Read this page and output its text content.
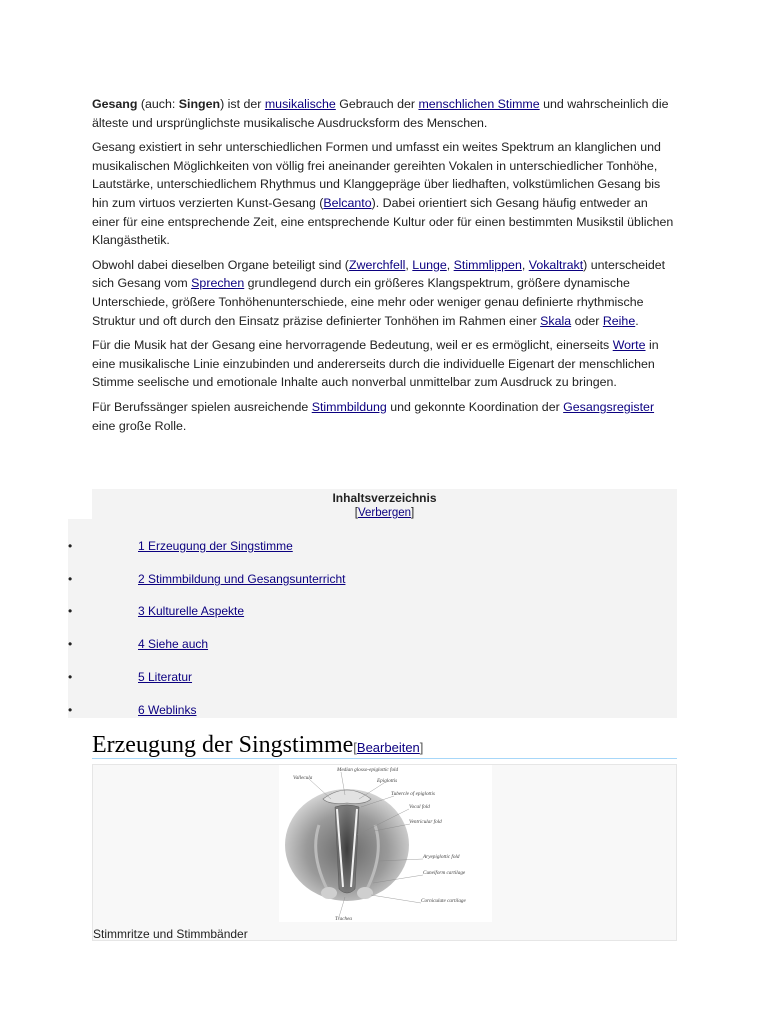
Gesang (auch: Singen) ist der musikalische Gebrauch der menschlichen Stimme und wahrscheinlich die älteste und ursprünglichste musikalische Ausdrucksform des Menschen.

Gesang existiert in sehr unterschiedlichen Formen und umfasst ein weites Spektrum an klanglichen und musikalischen Möglichkeiten von völlig frei aneinander gereihten Vokalen in unterschiedlicher Tonhöhe, Lautstärke, unterschiedlichem Rhythmus und Klanggepräge über liedhaften, volkstümlichen Gesang bis hin zum virtuos verzierten Kunst-Gesang (Belcanto). Dabei orientiert sich Gesang häufig entweder an einer für eine entsprechende Zeit, eine entsprechende Kultur oder für einen bestimmten Musikstil üblichen Klangästhetik.

Obwohl dabei dieselben Organe beteiligt sind (Zwerchfell, Lunge, Stimmlippen, Vokaltrakt) unterscheidet sich Gesang vom Sprechen grundlegend durch ein größeres Klangspektrum, größere dynamische Unterschiede, größere Tonhöhenunterschiede, eine mehr oder weniger genau definierte rhythmische Struktur und oft durch den Einsatz präzise definierter Tonhöhen im Rahmen einer Skala oder Reihe.

Für die Musik hat der Gesang eine hervorragende Bedeutung, weil er es ermöglicht, einerseits Worte in eine musikalische Linie einzubinden und andererseits durch die individuelle Eigenart der menschlichen Stimme seelische und emotionale Inhalte auch nonverbal unmittelbar zum Ausdruck zu bringen.

Für Berufssänger spielen ausreichende Stimmbildung und gekonnte Koordination der Gesangsregister eine große Rolle.

Inhaltsverzeichnis
[Verbergen]
•	1 Erzeugung der Singstimme
•	2 Stimmbildung und Gesangsunterricht
•	3 Kulturelle Aspekte
•	4 Siehe auch
•	5 Literatur
•	6 Weblinks
Erzeugung der Singstimme[Bearbeiten]
Vallecula
Median glosso-epiglottic fold
Epiglottis
Tubercle of epiglottis
Vocal fold
Ventricular fold
Aryepiglottic fold
Cuneiform cartilage
Corniculate cartilage
Trachea
Stimmritze und Stimmbänder
